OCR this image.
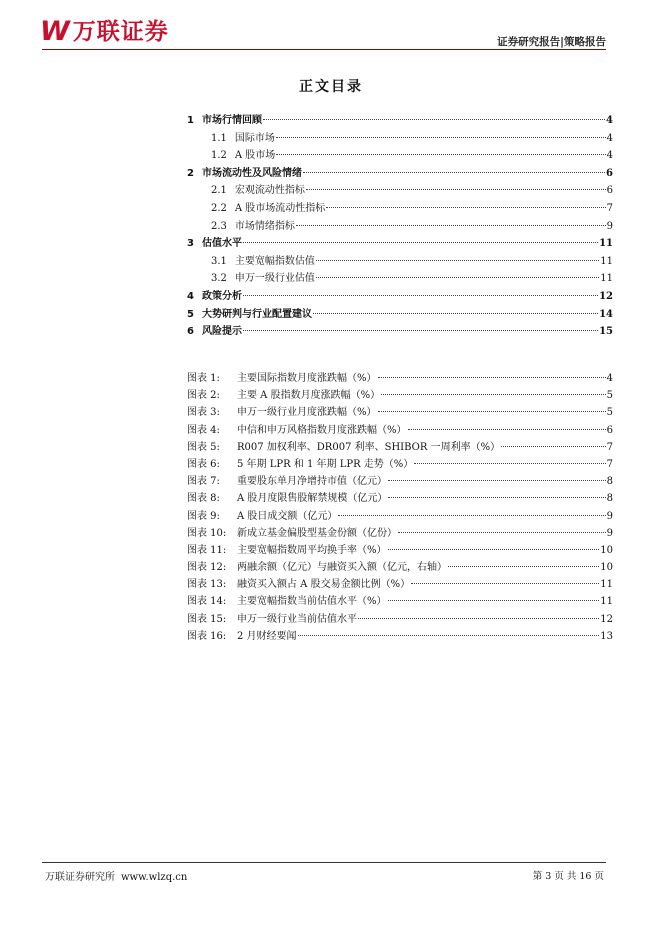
W 万联证券	证券研究报告|策略报告
正文目录
1 市场行情回顾	4
1.1 国际市场	4
1.2 A 股市场	4
2 市场流动性及风险情绪	6
2.1 宏观流动性指标	6
2.2 A 股市场流动性指标	7
2.3 市场情绪指标	9
3 估值水平	11
3.1 主要宽幅指数估值	11
3.2 申万一级行业估值	11
4 政策分析	12
5 大势研判与行业配置建议	14
6 风险提示	15
图表 1:	主要国际指数月度涨跌幅（%）	4
图表 2:	主要 A 股指数月度涨跌幅（%）	5
图表 3:	申万一级行业月度涨跌幅（%）	5
图表 4:	中信和申万风格指数月度涨跌幅（%）	6
图表 5:	R007 加权利率、DR007 利率、SHIBOR 一周利率（%）	7
图表 6:	5 年期 LPR 和 1 年期 LPR 走势（%）	7
图表 7:	重要股东单月净增持市值（亿元）	8
图表 8:	A 股月度限售股解禁规模（亿元）	8
图表 9:	A 股日成交额（亿元）	9
图表 10:	新成立基金偏股型基金份额（亿份）	9
图表 11:	主要宽幅指数周平均换手率（%）	10
图表 12:	两融余额（亿元）与融资买入额（亿元，右轴）	10
图表 13:	融资买入额占 A 股交易金额比例（%）	11
图表 14:	主要宽幅指数当前估值水平（%）	11
图表 15:	申万一级行业当前估值水平	12
图表 16:	2 月财经要闻	13
万联证券研究所 www.wlzq.cn	第 3 页 共 16 页
